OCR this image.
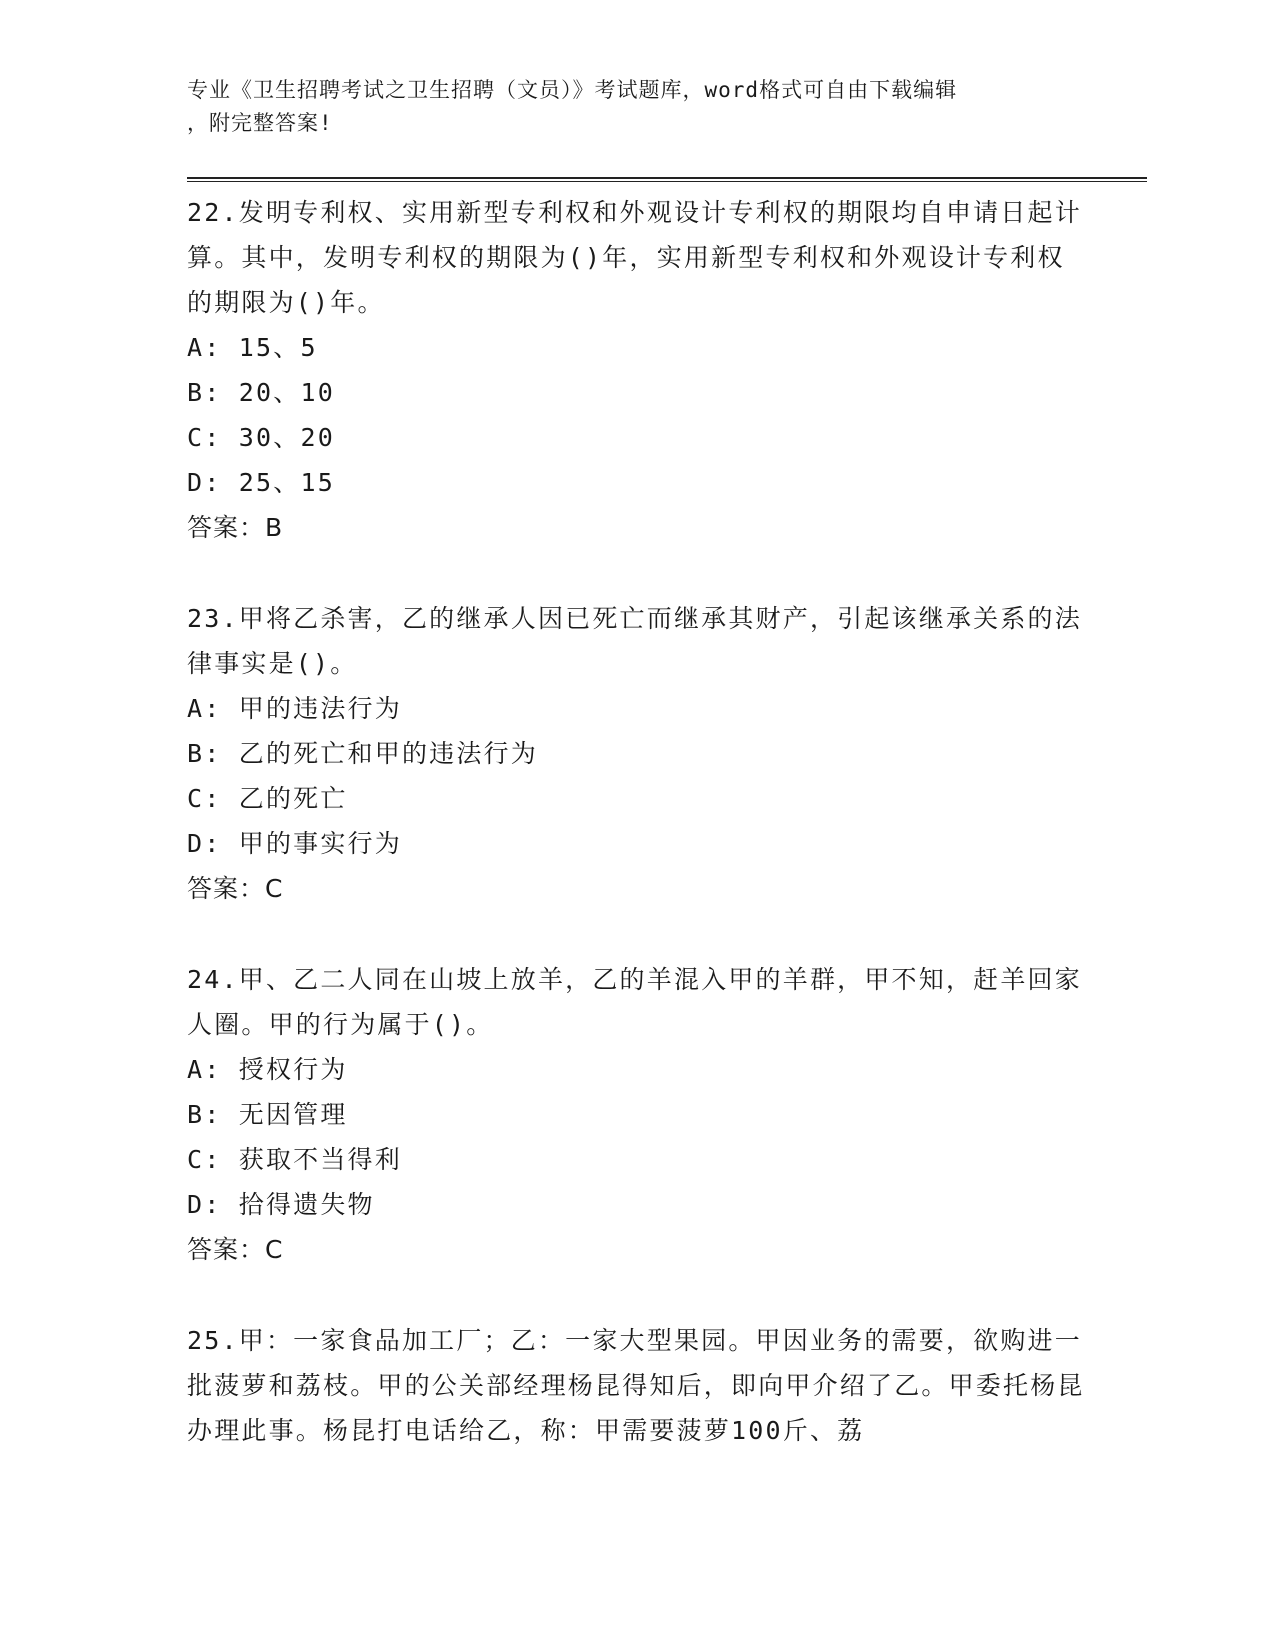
专业《卫生招聘考试之卫生招聘（文员）》考试题库，word格式可自由下载编辑
，附完整答案!
22.发明专利权、实用新型专利权和外观设计专利权的期限均自申请日起计算。其中，发明专利权的期限为()年，实用新型专利权和外观设计专利权的期限为()年。
A: 15、5
B: 20、10
C: 30、20
D: 25、15
答案：B
23.甲将乙杀害，乙的继承人因已死亡而继承其财产，引起该继承关系的法律事实是()。
A: 甲的违法行为
B: 乙的死亡和甲的违法行为
C: 乙的死亡
D: 甲的事实行为
答案：C
24.甲、乙二人同在山坡上放羊，乙的羊混入甲的羊群，甲不知，赶羊回家人圈。甲的行为属于()。
A: 授权行为
B: 无因管理
C: 获取不当得利
D: 拾得遗失物
答案：C
25.甲：一家食品加工厂；乙：一家大型果园。甲因业务的需要，欲购进一批菠萝和荔枝。甲的公关部经理杨昆得知后，即向甲介绍了乙。甲委托杨昆办理此事。杨昆打电话给乙，称：甲需要菠萝100斤、荔
